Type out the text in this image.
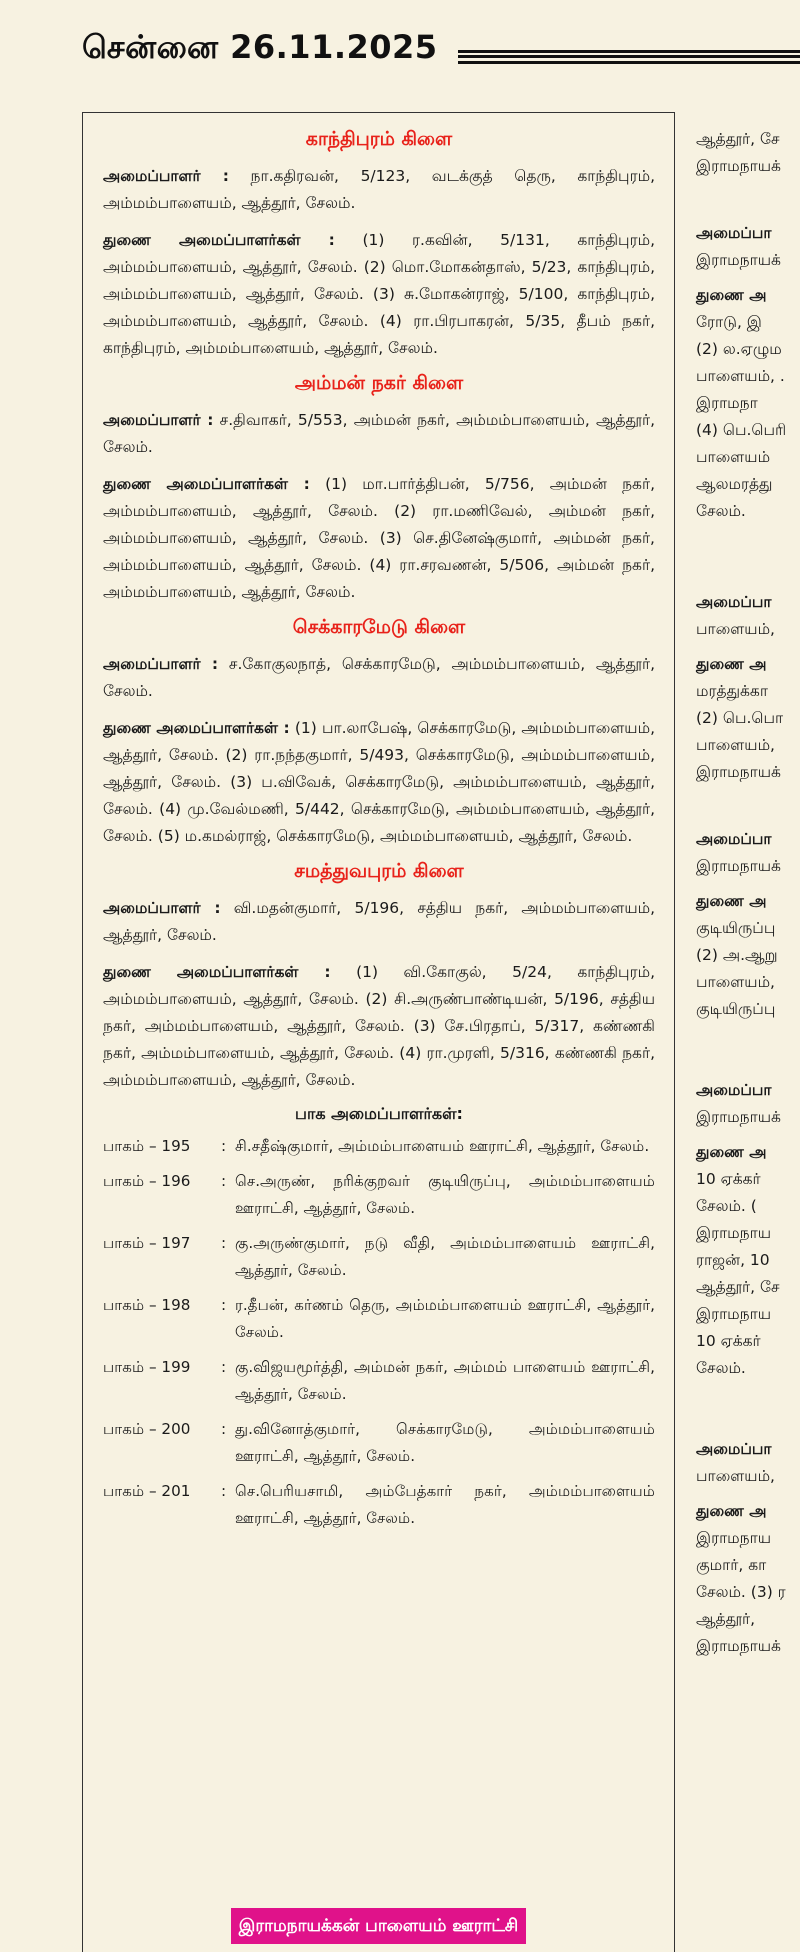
சென்னை 26.11.2025
காந்திபுரம் கிளை

அமைப்பாளர் : நா.கதிரவன், 5/123, வடக்குத் தெரு, காந்திபுரம், அம்மம்பாளையம், ஆத்தூர், சேலம்.

துணை அமைப்பாளர்கள் : (1) ர.கவின், 5/131, காந்திபுரம், அம்மம்பாளையம், ஆத்தூர், சேலம். (2) மொ.மோகன்தாஸ், 5/23, காந்திபுரம், அம்மம்பாளையம், ஆத்தூர், சேலம். (3) சு.மோகன்ராஜ், 5/100, காந்திபுரம், அம்மம்பாளையம், ஆத்தூர், சேலம். (4) ரா.பிரபாகரன், 5/35, தீபம் நகர், காந்திபுரம், அம்மம்பாளையம், ஆத்தூர், சேலம்.

அம்மன் நகர் கிளை

அமைப்பாளர் : ச.திவாகர், 5/553, அம்மன் நகர், அம்மம்பாளையம், ஆத்தூர், சேலம்.

துணை அமைப்பாளர்கள் : (1) மா.பார்த்திபன், 5/756, அம்மன் நகர், அம்மம்பாளையம், ஆத்தூர், சேலம். (2) ரா.மணிவேல், அம்மன் நகர், அம்மம்பாளையம், ஆத்தூர், சேலம். (3) செ.தினேஷ்குமார், அம்மன் நகர், அம்மம்பாளையம், ஆத்தூர், சேலம். (4) ரா.சரவணன், 5/506, அம்மன் நகர், அம்மம்பாளையம், ஆத்தூர், சேலம்.

செக்காரமேடு கிளை

அமைப்பாளர் : ச.கோகுலநாத், செக்காரமேடு, அம்மம்பாளையம், ஆத்தூர், சேலம்.

துணை அமைப்பாளர்கள் : (1) பா.லாபேஷ், செக்காரமேடு, அம்மம்பாளையம், ஆத்தூர், சேலம். (2) ரா.நந்தகுமார், 5/493, செக்காரமேடு, அம்மம்பாளையம், ஆத்தூர், சேலம். (3) ப.விவேக், செக்காரமேடு, அம்மம்பாளையம், ஆத்தூர், சேலம். (4) மு.வேல்மணி, 5/442, செக்காரமேடு, அம்மம்பாளையம், ஆத்தூர், சேலம். (5) ம.கமல்ராஜ், செக்காரமேடு, அம்மம்பாளையம், ஆத்தூர், சேலம்.

சமத்துவபுரம் கிளை

அமைப்பாளர் : வி.மதன்குமார், 5/196, சத்திய நகர், அம்மம்பாளையம், ஆத்தூர், சேலம்.

துணை அமைப்பாளர்கள் : (1) வி.கோகுல், 5/24, காந்திபுரம், அம்மம்பாளையம், ஆத்தூர், சேலம். (2) சி.அருண்பாண்டியன், 5/196, சத்திய நகர், அம்மம்பாளையம், ஆத்தூர், சேலம். (3) சே.பிரதாப், 5/317, கண்ணகி நகர், அம்மம்பாளையம், ஆத்தூர், சேலம். (4) ரா.முரளி, 5/316, கண்ணகி நகர், அம்மம்பாளையம், ஆத்தூர், சேலம்.

பாக அமைப்பாளர்கள்:
பாகம் – 195	: சி.சதீஷ்குமார், அம்மம்பாளையம் ஊராட்சி, ஆத்தூர், சேலம்.
பாகம் – 196	: செ.அருண், நரிக்குறவர் குடியிருப்பு, அம்மம்பாளையம் ஊராட்சி, ஆத்தூர், சேலம்.
பாகம் – 197	: கு.அருண்குமார், நடு வீதி, அம்மம்பாளையம் ஊராட்சி, ஆத்தூர், சேலம்.
பாகம் – 198	: ர.தீபன், கர்ணம் தெரு, அம்மம்பாளையம் ஊராட்சி, ஆத்தூர், சேலம்.
பாகம் – 199	: கு.விஜயமூர்த்தி, அம்மன் நகர், அம்மம் பாளையம் ஊராட்சி, ஆத்தூர், சேலம்.
பாகம் – 200	: து.வினோத்குமார், செக்காரமேடு, அம்மம்பாளையம் ஊராட்சி, ஆத்தூர், சேலம்.
பாகம் – 201	: செ.பெரியசாமி, அம்பேத்கார் நகர், அம்மம்பாளையம் ஊராட்சி, ஆத்தூர், சேலம்.
இராமநாயக்கன் பாளையம் ஊராட்சி
ஆத்தூர், சே
இராமநாயக்
அமைப்பா
இராமநாயக்
துணை அ
ரோடு, இ
(2) ல.ஏழும
பாளையம், .
இராமநா
(4) பெ.பெரி
பாளையம்
ஆலமரத்து
சேலம்.
அமைப்பா
பாளையம்,
துணை அ
மரத்துக்கா
(2) பெ.பொ
பாளையம்,
இராமநாயக்
அமைப்பா
இராமநாயக்
துணை அ
குடியிருப்பு
(2) அ.ஆறு
பாளையம்,
குடியிருப்பு
அமைப்பா
இராமநாயக்
துணை அ
10 ஏக்கர்
சேலம். (
இராமநாய
ராஜன், 10
ஆத்தூர், சே
இராமநாய
10 ஏக்கர்
சேலம்.
அமைப்பா
பாளையம்,
துணை அ
இராமநாய
குமார், கா
சேலம். (3) ர
ஆத்தூர்,
இராமநாயக்
